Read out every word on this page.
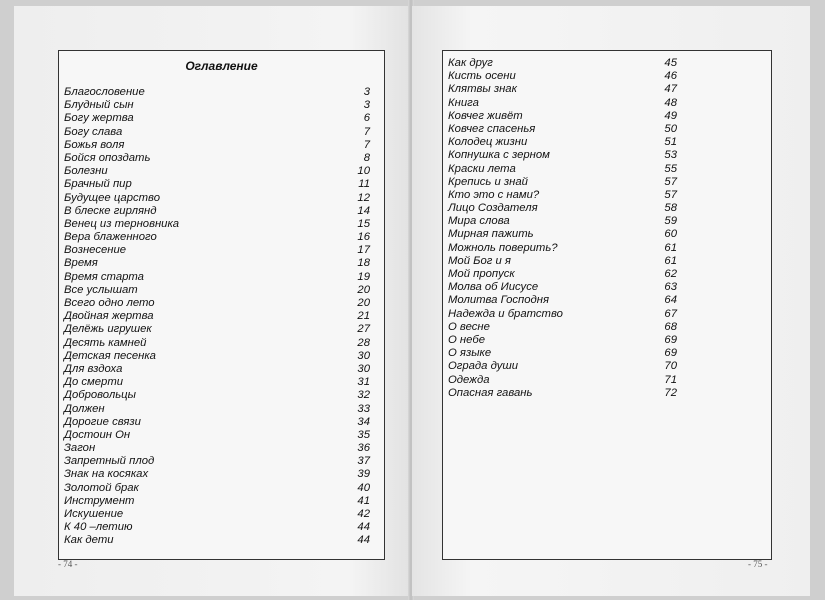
Оглавление
Благословение	3
Блудный сын	3
Богу жертва	6
Богу слава	7
Божья воля	7
Бойся опоздать	8
Болезни	10
Брачный пир	11
Будущее царство	12
В блеске гирлянд	14
Венец из терновника	15
Вера блаженного	16
Вознесение	17
Время	18
Время старта	19
Все услышат	20
Всего одно лето	20
Двойная жертва	21
Делёжь игрушек	27
Десять камней	28
Детская песенка	30
Для вздоха	30
До смерти	31
Добровольцы	32
Должен	33
Дорогие связи	34
Достоин Он	35
Загон	36
Запретный плод	37
Знак на косяках	39
Золотой брак	40
Инструмент	41
Искушение	42
К 40 –летию	44
Как дети	44
- 74 -
Как друг	45
Кисть осени	46
Клятвы знак	47
Книга	48
Ковчег живёт	49
Ковчег спасенья	50
Колодец жизни	51
Копнушка с зерном	53
Краски лета	55
Крепись и знай	57
Кто это с нами?	57
Лицо Создателя	58
Мира слова	59
Мирная пажить	60
Можноль поверить?	61
Мой Бог и я	61
Мой пропуск	62
Молва об Иисусе	63
Молитва Господня	64
Надежда и братство	67
О весне	68
О небе	69
О языке	69
Ограда души	70
Одежда	71
Опасная гавань	72
- 75 -
